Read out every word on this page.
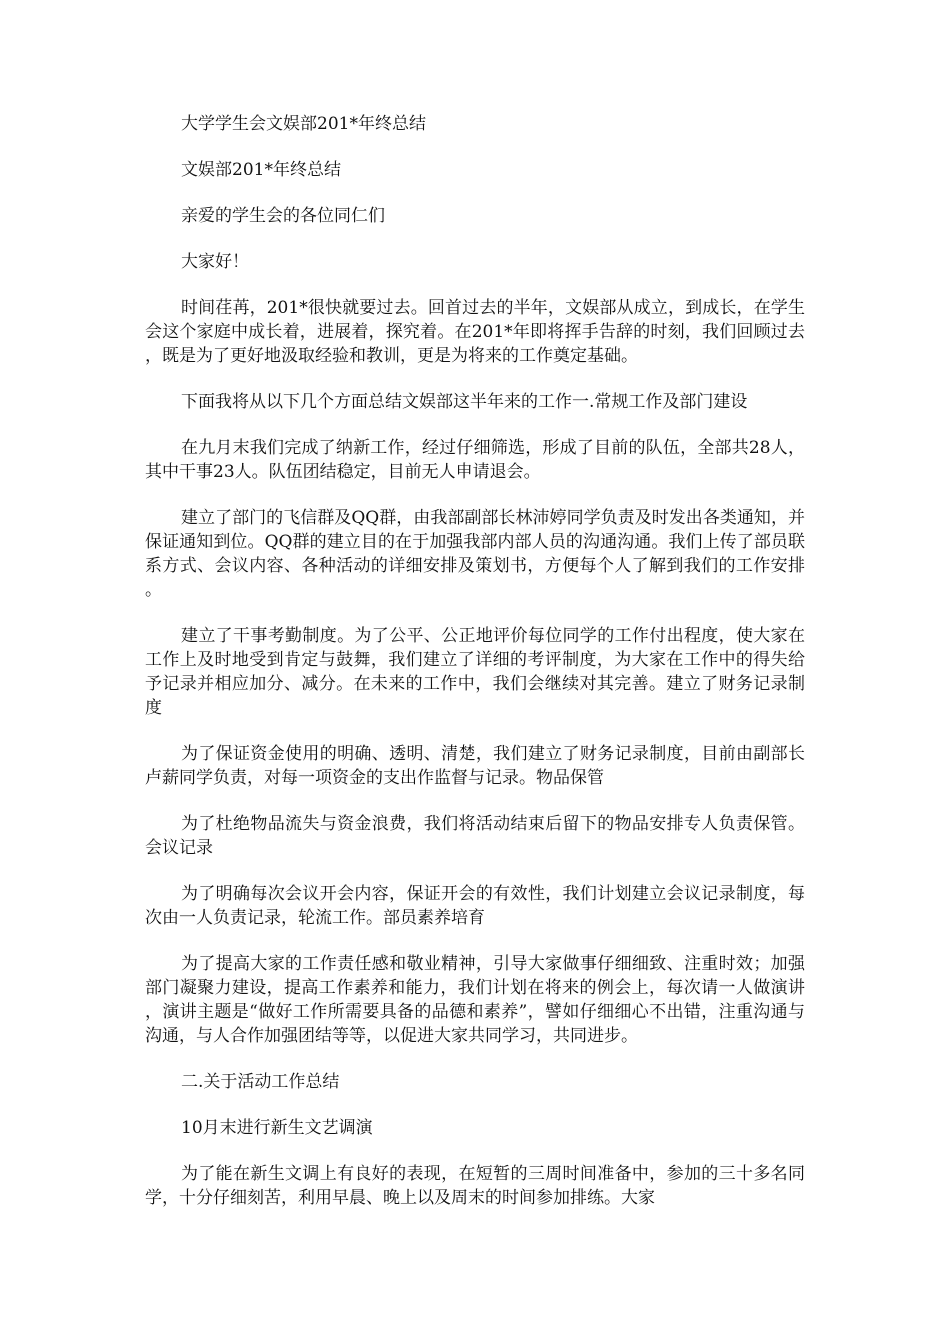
大学学生会文娱部201*年终总结

文娱部201*年终总结

亲爱的学生会的各位同仁们

大家好！

时间荏苒，201*很快就要过去。回首过去的半年，文娱部从成立，到成长，在学生会这个家庭中成长着，进展着，探究着。在201*年即将挥手告辞的时刻，我们回顾过去，既是为了更好地汲取经验和教训，更是为将来的工作奠定基础。

下面我将从以下几个方面总结文娱部这半年来的工作一.常规工作及部门建设

在九月末我们完成了纳新工作，经过仔细筛选，形成了目前的队伍，全部共28人，其中干事23人。队伍团结稳定，目前无人申请退会。

建立了部门的飞信群及QQ群，由我部副部长林沛婷同学负责及时发出各类通知，并保证通知到位。QQ群的建立目的在于加强我部内部人员的沟通沟通。我们上传了部员联系方式、会议内容、各种活动的详细安排及策划书，方便每个人了解到我们的工作安排。

建立了干事考勤制度。为了公平、公正地评价每位同学的工作付出程度，使大家在工作上及时地受到肯定与鼓舞，我们建立了详细的考评制度，为大家在工作中的得失给予记录并相应加分、减分。在未来的工作中，我们会继续对其完善。建立了财务记录制度

为了保证资金使用的明确、透明、清楚，我们建立了财务记录制度，目前由副部长卢薪同学负责，对每一项资金的支出作监督与记录。物品保管

为了杜绝物品流失与资金浪费，我们将活动结束后留下的物品安排专人负责保管。会议记录

为了明确每次会议开会内容，保证开会的有效性，我们计划建立会议记录制度，每次由一人负责记录，轮流工作。部员素养培育

为了提高大家的工作责任感和敬业精神，引导大家做事仔细细致、注重时效；加强部门凝聚力建设，提高工作素养和能力，我们计划在将来的例会上，每次请一人做演讲，演讲主题是“做好工作所需要具备的品德和素养”，譬如仔细细心不出错，注重沟通与沟通，与人合作加强团结等等，以促进大家共同学习，共同进步。

二.关于活动工作总结

10月末进行新生文艺调演

为了能在新生文调上有良好的表现，在短暂的三周时间准备中，参加的三十多名同学，十分仔细刻苦，利用早晨、晚上以及周末的时间参加排练。大家
